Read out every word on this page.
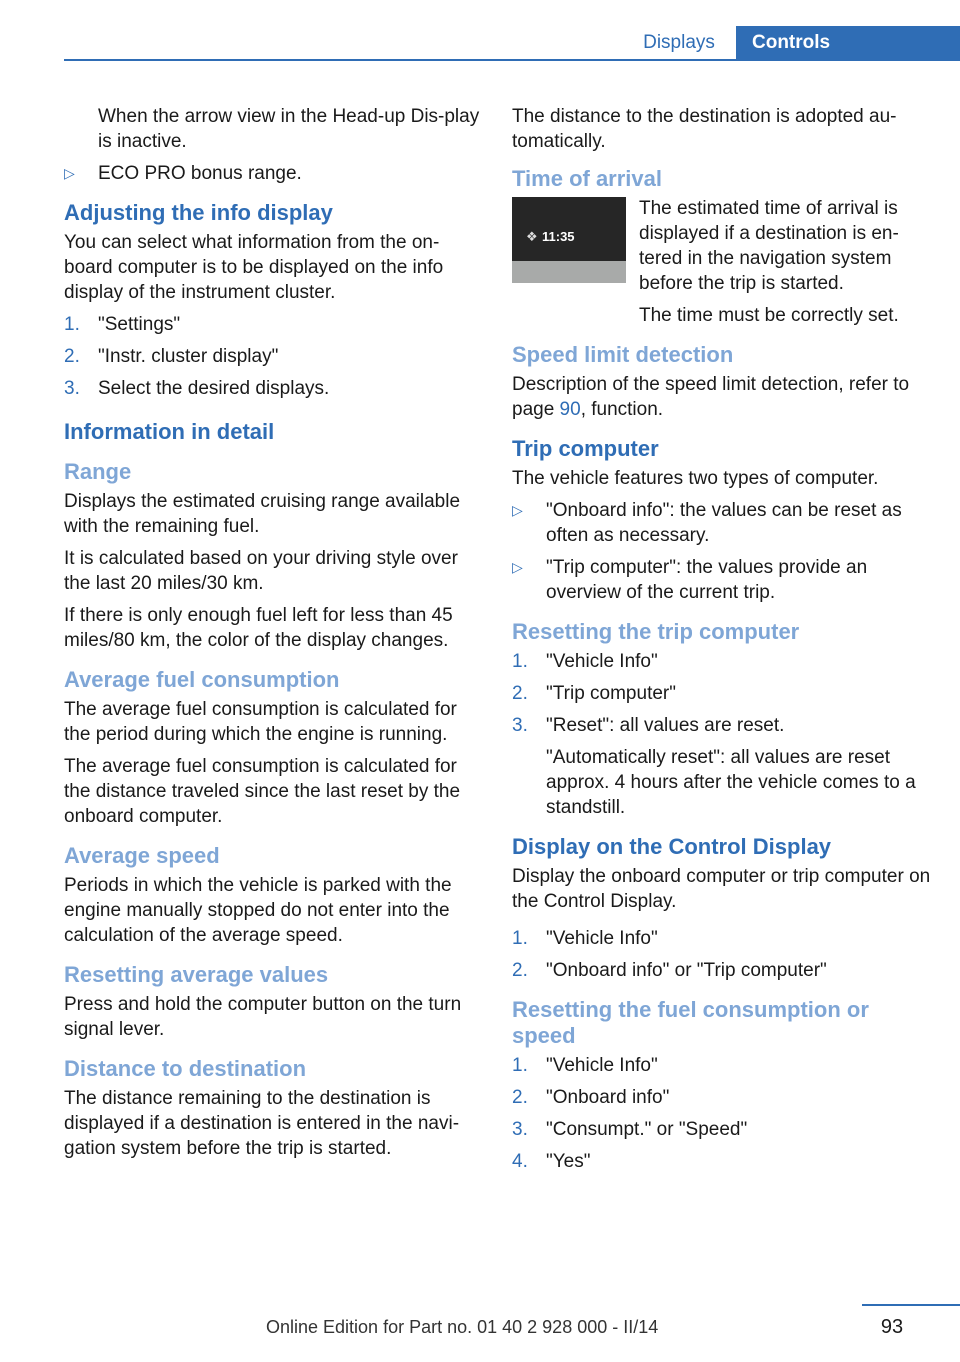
Displays	Controls

When the arrow view in the Head-up Dis-play is inactive.

▷	ECO PRO bonus range.
Adjusting the info display

You can select what information from the on-board computer is to be displayed on the info display of the instrument cluster.

1. "Settings"
2. "Instr. cluster display"
3. Select the desired displays.
Information in detail
Range

Displays the estimated cruising range available with the remaining fuel.

It is calculated based on your driving style over the last 20 miles/30 km.

If there is only enough fuel left for less than 45 miles/80 km, the color of the display changes.

Average fuel consumption

The average fuel consumption is calculated for the period during which the engine is running.

The average fuel consumption is calculated for the distance traveled since the last reset by the onboard computer.

Average speed

Periods in which the vehicle is parked with the engine manually stopped do not enter into the calculation of the average speed.

Resetting average values

Press and hold the computer button on the turn signal lever.

Distance to destination

The distance remaining to the destination is displayed if a destination is entered in the navi-gation system before the trip is started.

The distance to the destination is adopted au-tomatically.

Time of arrival
❖ 11:35

The estimated time of arrival is displayed if a destination is en-tered in the navigation system before the trip is started.

The time must be correctly set.

Speed limit detection

Description of the speed limit detection, refer to page 90, function.

Trip computer

The vehicle features two types of computer.

▷	"Onboard info": the values can be reset as often as necessary.
▷	"Trip computer": the values provide an overview of the current trip.
Resetting the trip computer
1. "Vehicle Info"
2. "Trip computer"
3. "Reset": all values are reset.

"Automatically reset": all values are reset approx. 4 hours after the vehicle comes to a standstill.

Display on the Control Display

Display the onboard computer or trip computer on the Control Display.

1. "Vehicle Info"
2. "Onboard info" or "Trip computer"
Resetting the fuel consumption or speed
1. "Vehicle Info"
2. "Onboard info"
3. "Consumpt." or "Speed"
4. "Yes"
93
Online Edition for Part no. 01 40 2 928 000 - II/14
